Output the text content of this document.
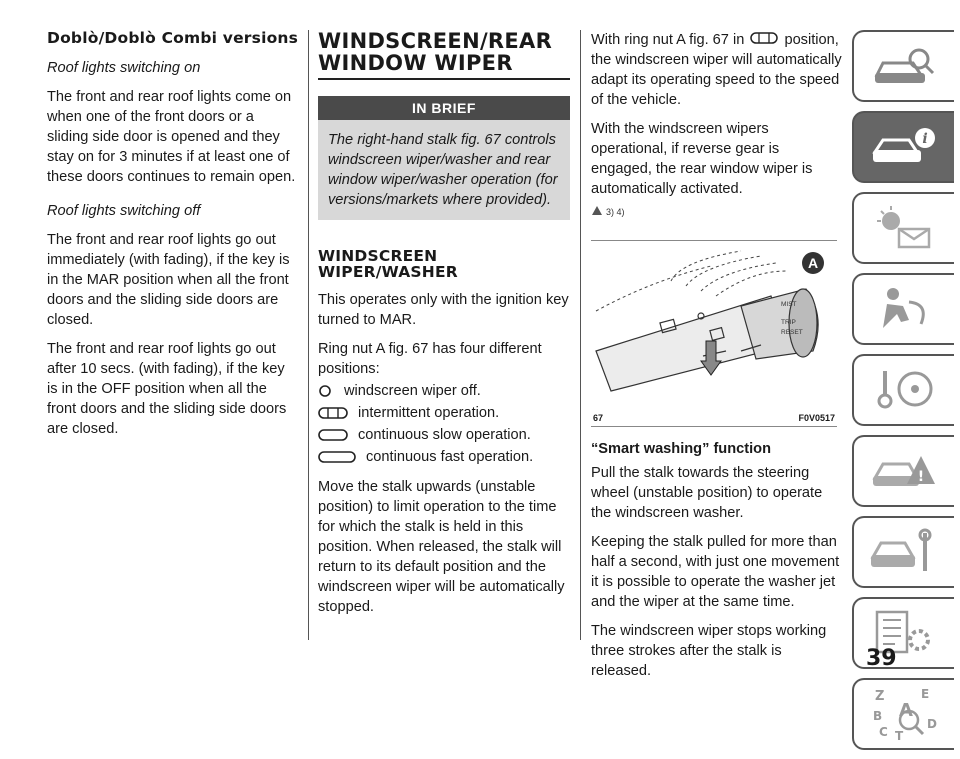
Doblò/Doblò Combi versions

Roof lights switching on

The front and rear roof lights come on when one of the front doors or a sliding side door is opened and they stay on for 3 minutes if at least one of these doors continues to remain open.

Roof lights switching off

The front and rear roof lights go out immediately (with fading), if the key is in the MAR position when all the front doors and the sliding side doors are closed.

The front and rear roof lights go out after 10 secs. (with fading), if the key is in the OFF position when all the front doors and the sliding side doors are closed.

WINDSCREEN/REAR WINDOW WIPER
IN BRIEF
The right-hand stalk fig. 67 controls windscreen wiper/washer and rear window wiper/washer operation (for versions/markets where provided).
WINDSCREEN WIPER/WASHER

This operates only with the ignition key turned to MAR.

Ring nut A fig. 67 has four different positions:

windscreen wiper off.
intermittent operation.
continuous slow operation.
continuous fast operation.

Move the stalk upwards (unstable position) to limit operation to the time for which the stalk is held in this position. When released, the stalk will return to its default position and the windscreen wiper will be automatically stopped.

With ring nut A fig. 67 in	position, the windscreen wiper will automatically adapt its operating speed to the speed of the vehicle.

With the windscreen wipers operational, if reverse gear is engaged, the rear window wiper is automatically activated.

3) 4)
MIST
TRIP
RESET
A
67	F0V0517
“Smart washing” function

Pull the stalk towards the steering wheel (unstable position) to operate the windscreen washer.

Keeping the stalk pulled for more than half a second, with just one movement it is possible to operate the washer jet and the wiper at the same time.

The windscreen wiper stops working three strokes after the stalk is released.

i
!
Z	E
A
B
C T
D
39
